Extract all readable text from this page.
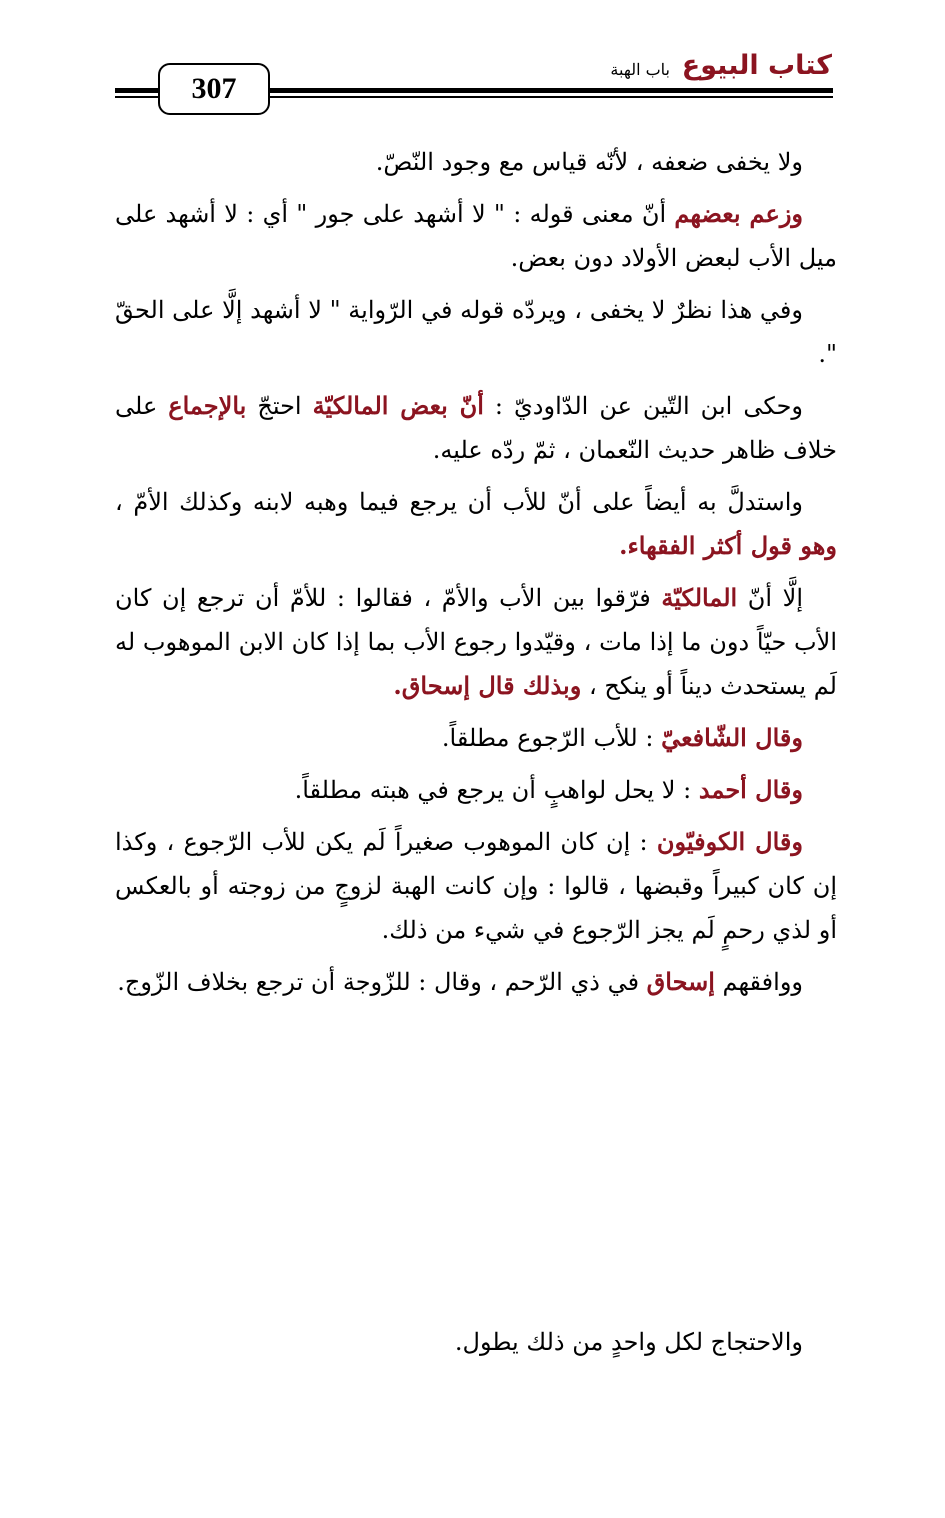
307
كتاب البيوع
باب الهبة

ولا يخفى ضعفه ، لأنّه قياس مع وجود النّصّ.

وزعم بعضهم أنّ معنى قوله : " لا أشهد على جور " أي : لا أشهد على ميل الأب لبعض الأولاد دون بعض.

وفي هذا نظرٌ لا يخفى ، ويردّه قوله في الرّواية " لا أشهد إلَّا على الحقّ ".

وحكى ابن التّين عن الدّاوديّ : أنّ بعض المالكيّة احتجّ بالإجماع على خلاف ظاهر حديث النّعمان ، ثمّ ردّه عليه.

واستدلَّ به أيضاً على أنّ للأب أن يرجع فيما وهبه لابنه وكذلك الأمّ ، وهو قول أكثر الفقهاء.

إلَّا أنّ المالكيّة فرّقوا بين الأب والأمّ ، فقالوا : للأمّ أن ترجع إن كان الأب حيّاً دون ما إذا مات ، وقيّدوا رجوع الأب بما إذا كان الابن الموهوب له لَم يستحدث ديناً أو ينكح ، وبذلك قال إسحاق.

وقال الشّافعيّ : للأب الرّجوع مطلقاً.

وقال أحمد : لا يحل لواهبٍ أن يرجع في هبته مطلقاً.

وقال الكوفيّون : إن كان الموهوب صغيراً لَم يكن للأب الرّجوع ، وكذا إن كان كبيراً وقبضها ، قالوا : وإن كانت الهبة لزوجٍ من زوجته أو بالعكس أو لذي رحمٍ لَم يجز الرّجوع في شيء من ذلك.

ووافقهم إسحاق في ذي الرّحم ، وقال : للزّوجة أن ترجع بخلاف الزّوج.

والاحتجاج لكل واحدٍ من ذلك يطول.
